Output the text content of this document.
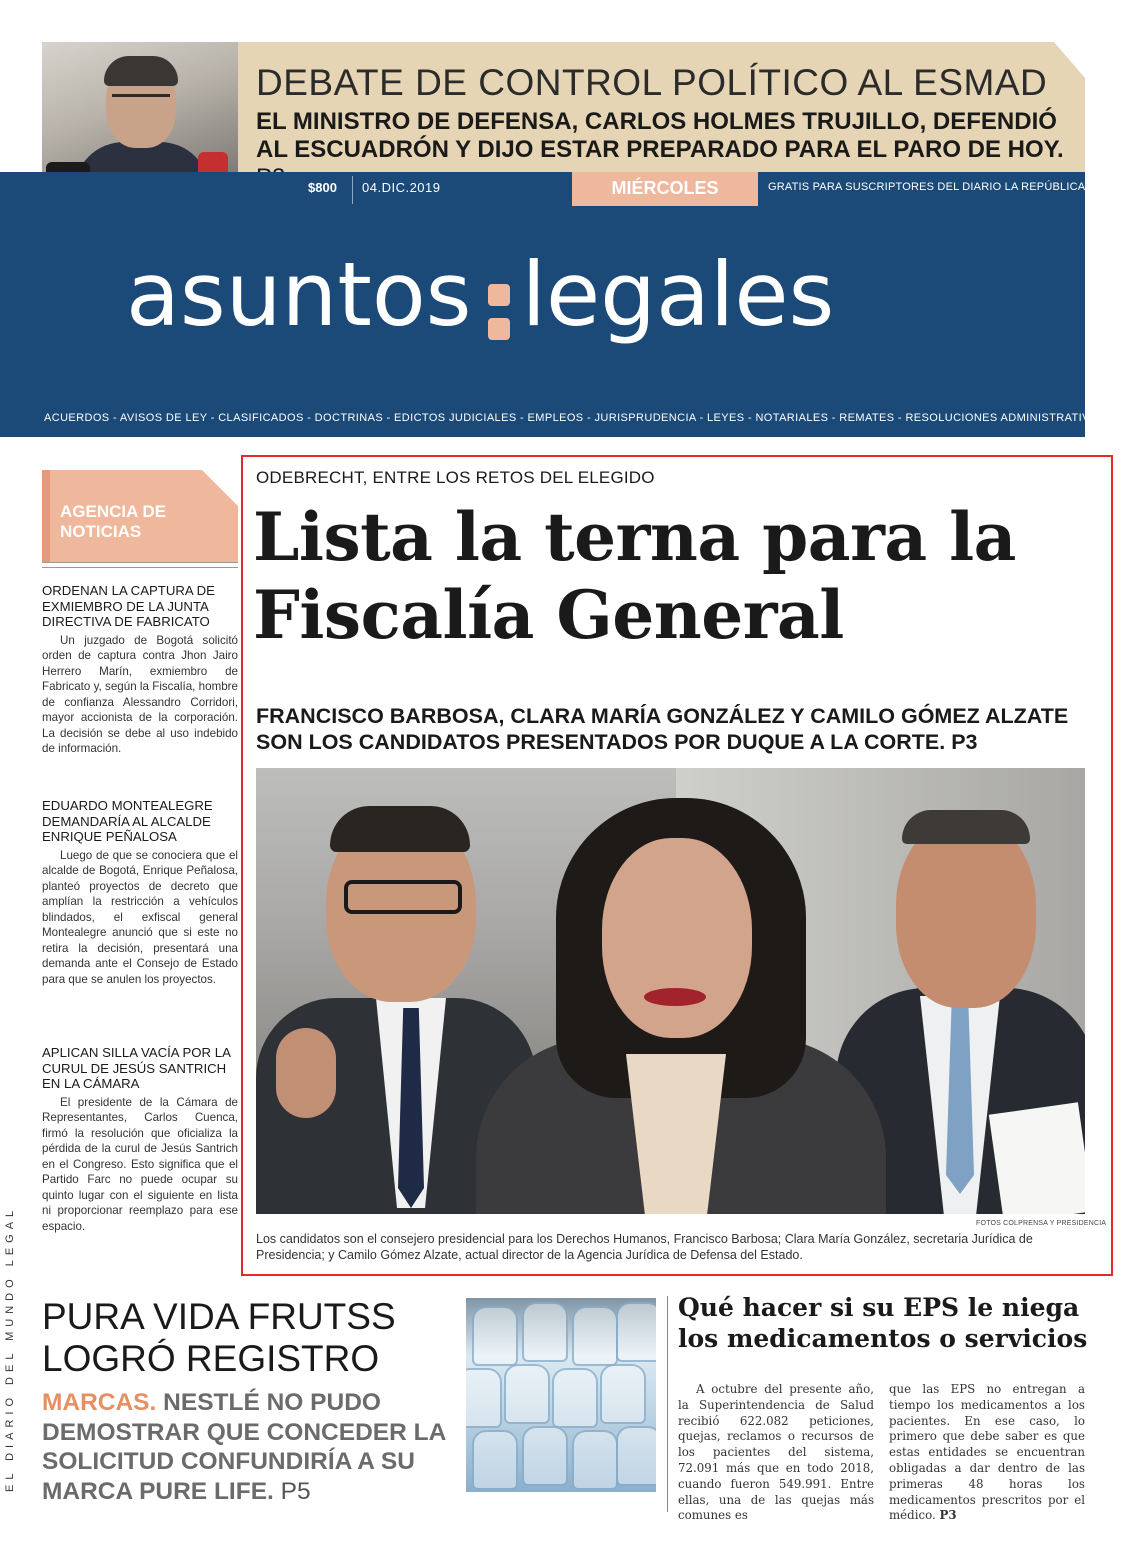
DEBATE DE CONTROL POLÍTICO AL ESMAD
EL MINISTRO DE DEFENSA, CARLOS HOLMES TRUJILLO, DEFENDIÓ AL ESCUADRÓN Y DIJO ESTAR PREPARADO PARA EL PARO DE HOY.
$800 04.DIC.2019	MIÉRCOLES	GRATIS PARA SUSCRIPTORES DEL DIARIO LA REPÚBLICA
asuntos legales
ACUERDOS - AVISOS DE LEY - CLASIFICADOS - DOCTRINAS - EDICTOS JUDICIALES - EMPLEOS - JURISPRUDENCIA - LEYES - NOTARIALES - REMATES - RESOLUCIONES ADMINISTRATIVAS
AGENCIA DE NOTICIAS
ORDENAN LA CAPTURA DE EXMIEMBRO DE LA JUNTA DIRECTIVA DE FABRICATO

Un juzgado de Bogotá solicitó orden de captura contra Jhon Jairo Herrero Marín, exmiembro de Fabricato y, según la Fiscalía, hombre de confianza Alessandro Corridori, mayor accionista de la corporación. La decisión se debe al uso indebido de información.

EDUARDO MONTEALEGRE DEMANDARÍA AL ALCALDE ENRIQUE PEÑALOSA

Luego de que se conociera que el alcalde de Bogotá, Enrique Peñalosa, planteó proyectos de decreto que amplían la restricción a vehículos blindados, el exfiscal general Montealegre anunció que si este no retira la decisión, presentará una demanda ante el Consejo de Estado para que se anulen los proyectos.

APLICAN SILLA VACÍA POR LA CURUL DE JESÚS SANTRICH EN LA CÁMARA

El presidente de la Cámara de Representantes, Carlos Cuenca, firmó la resolución que oficializa la pérdida de la curul de Jesús Santrich en el Congreso. Esto significa que el Partido Farc no puede ocupar su quinto lugar con el siguiente en lista ni proporcionar reemplazo para ese espacio.

EL DIARIO DEL MUNDO LEGAL
ODEBRECHT, ENTRE LOS RETOS DEL ELEGIDO
Lista la terna para la Fiscalía General
FRANCISCO BARBOSA, CLARA MARÍA GONZÁLEZ Y CAMILO GÓMEZ ALZATE SON LOS CANDIDATOS PRESENTADOS POR DUQUE A LA CORTE. P3
FOTOS COLPRENSA Y PRESIDENCIA
Los candidatos son el consejero presidencial para los Derechos Humanos, Francisco Barbosa; Clara María González, secretaria Jurídica de Presidencia; y Camilo Gómez Alzate, actual director de la Agencia Jurídica de Defensa del Estado.
PURA VIDA FRUTSS LOGRÓ REGISTRO
MARCAS. NESTLÉ NO PUDO DEMOSTRAR QUE CONCEDER LA SOLICITUD CONFUNDIRÍA A SU MARCA PURE LIFE. P5
Qué hacer si su EPS le niega los medicamentos o servicios
A octubre del presente año, la Superintendencia de Salud recibió 622.082 peticiones, quejas, reclamos o recursos de los pacientes del sistema, 72.091 más que en todo 2018, cuando fueron 549.991. Entre ellas, una de las quejas más comunes es
que las EPS no entregan a tiempo los medicamentos a los pacientes. En ese caso, lo primero que debe saber es que estas entidades se encuentran obligadas a dar dentro de las primeras 48 horas los medicamentos prescritos por el médico. P3
